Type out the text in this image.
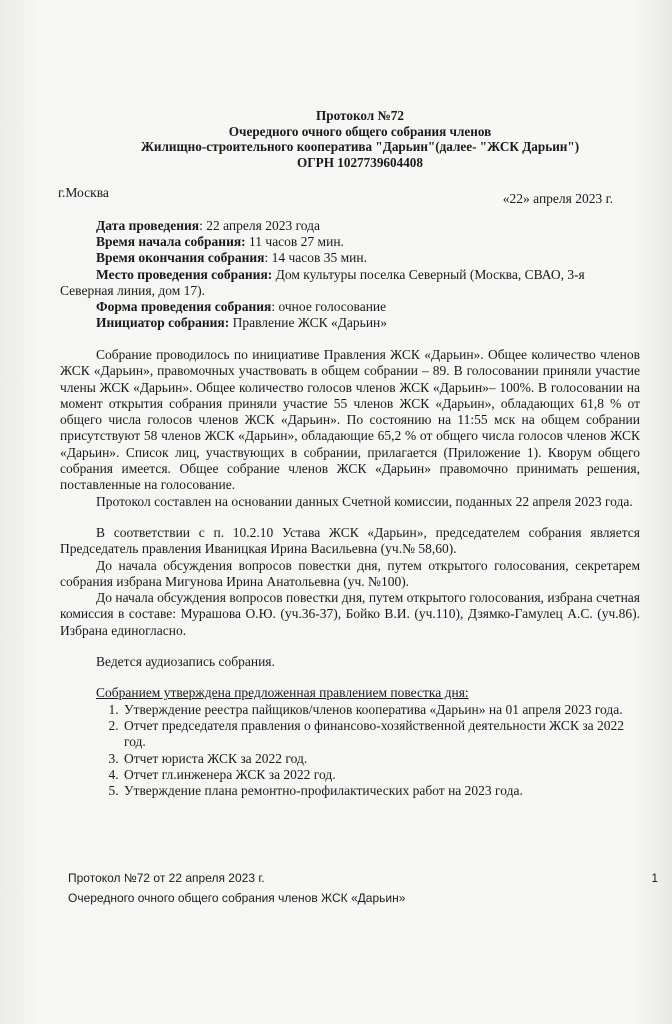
Протокол №72
Очередного очного общего собрания членов
Жилищно-строительного кооператива "Дарьин"(далее- "ЖСК Дарьин")
ОГРН 1027739604408
г.Москва	«22» апреля 2023 г.
Дата проведения: 22 апреля 2023 года
Время начала собрания: 11 часов 27 мин.
Время окончания собрания: 14 часов 35 мин.
Место проведения собрания: Дом культуры поселка Северный (Москва, СВАО, 3-я Северная линия, дом 17).
Форма проведения собрания: очное голосование
Инициатор собрания: Правление ЖСК «Дарьин»

Собрание проводилось по инициативе Правления ЖСК «Дарьин». Общее количество членов ЖСК «Дарьин», правомочных участвовать в общем собрании – 89. В голосовании приняли участие члены ЖСК «Дарьин». Общее количество голосов членов ЖСК «Дарьин»– 100%. В голосовании на момент открытия собрания приняли участие 55 членов ЖСК «Дарьин», обладающих 61,8 % от общего числа голосов членов ЖСК «Дарьин». По состоянию на 11:55 мск на общем собрании присутствуют 58 членов ЖСК «Дарьин», обладающие 65,2 % от общего числа голосов членов ЖСК «Дарьин». Список лиц, участвующих в собрании, прилагается (Приложение 1). Кворум общего собрания имеется. Общее собрание членов ЖСК «Дарьин» правомочно принимать решения, поставленные на голосование.

Протокол составлен на основании данных Счетной комиссии, поданных 22 апреля 2023 года.

В соответствии с п. 10.2.10 Устава ЖСК «Дарьин», председателем собрания является Председатель правления Иваницкая Ирина Васильевна (уч.№ 58,60).

До начала обсуждения вопросов повестки дня, путем открытого голосования, секретарем собрания избрана Мигунова Ирина Анатольевна (уч. №100).

До начала обсуждения вопросов повестки дня, путем открытого голосования, избрана счетная комиссия в составе: Мурашова О.Ю. (уч.36-37), Бойко В.И. (уч.110), Дзямко-Гамулец А.С. (уч.86). Избрана единогласно.

Ведется аудиозапись собрания.

Собранием утверждена предложенная правлением повестка дня:

1. Утверждение реестра пайщиков/членов кооператива «Дарьин» на 01 апреля 2023 года.
2. Отчет председателя правления о финансово-хозяйственной деятельности ЖСК за 2022 год.
3. Отчет юриста ЖСК за 2022 год.
4. Отчет гл.инженера ЖСК за 2022 год.
5. Утверждение плана ремонтно-профилактических работ на 2023 года.
Протокол №72 от 22 апреля 2023 г.
Очередного очного общего собрания членов ЖСК «Дарьин»
1
